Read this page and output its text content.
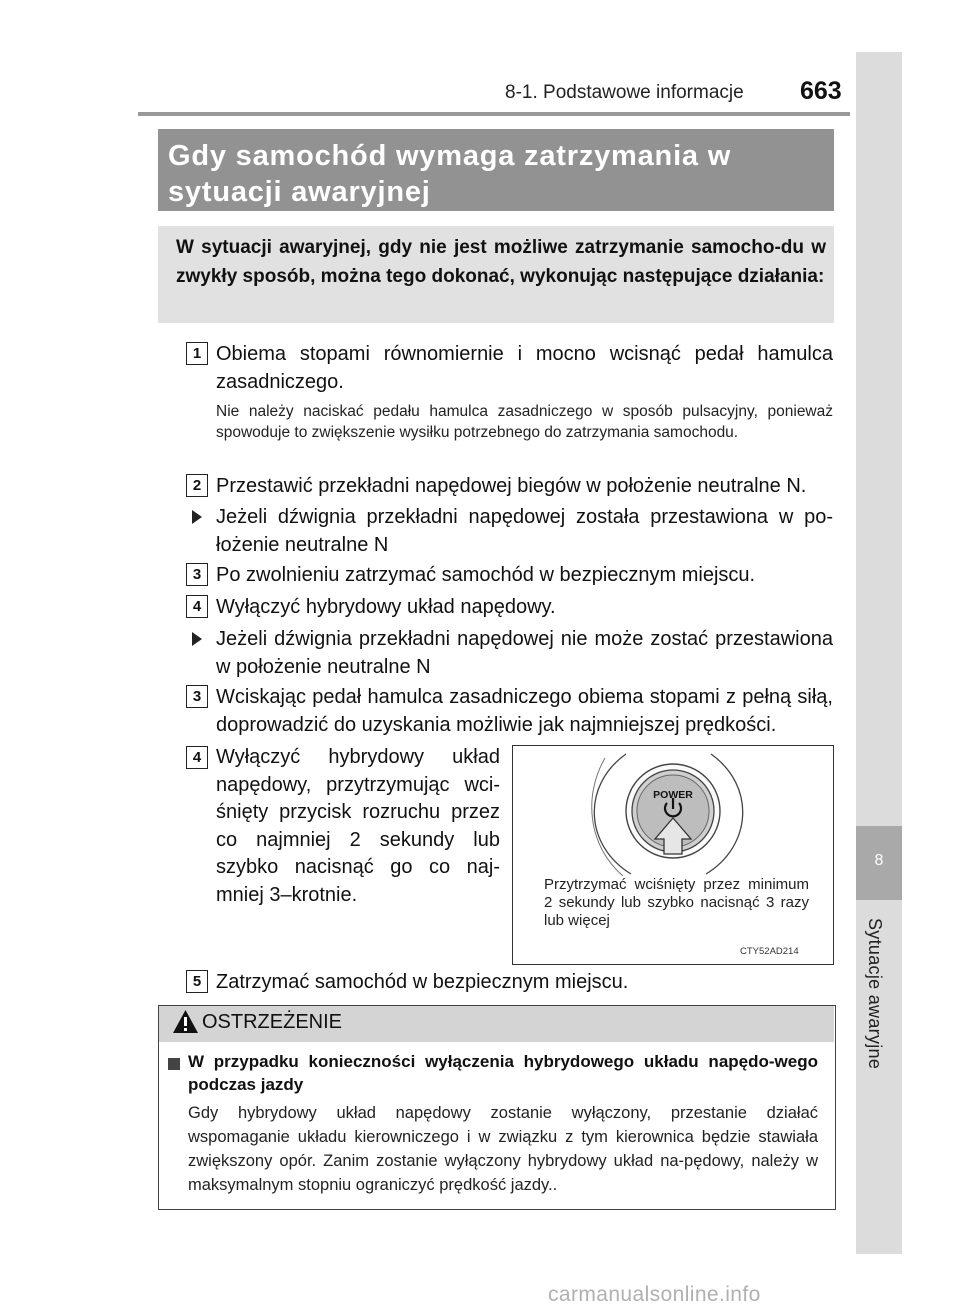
8-1. Podstawowe informacje 663
8
Sytuacje awaryjne
Gdy samochód wymaga zatrzymania w sytuacji awaryjnej
W sytuacji awaryjnej, gdy nie jest możliwe zatrzymanie samocho-du w zwykły sposób, można tego dokonać, wykonując następujące działania:
1 Obiema stopami równomiernie i mocno wcisnąć pedał hamulca zasadniczego.
Nie należy naciskać pedału hamulca zasadniczego w sposób pulsacyjny, ponieważ spowoduje to zwiększenie wysiłku potrzebnego do zatrzymania samochodu.
2 Przestawić przekładni napędowej biegów w położenie neutralne N.
Jeżeli dźwignia przekładni napędowej została przestawiona w po-łożenie neutralne N
3 Po zwolnieniu zatrzymać samochód w bezpiecznym miejscu.
4 Wyłączyć hybrydowy układ napędowy.
Jeżeli dźwignia przekładni napędowej nie może zostać przestawiona w położenie neutralne N
3 Wciskając pedał hamulca zasadniczego obiema stopami z pełną siłą, doprowadzić do uzyskania możliwie jak najmniejszej prędkości.
4 Wyłączyć hybrydowy układ napędowy, przytrzymując wci-śnięty przycisk rozruchu przez co najmniej 2 sekundy lub szybko nacisnąć go co naj-mniej 3–krotnie.
POWER
Przytrzymać wciśnięty przez minimum 2 sekundy lub szybko nacisnąć 3 razy lub więcej
CTY52AD214
5 Zatrzymać samochód w bezpiecznym miejscu.
OSTRZEŻENIE
W przypadku konieczności wyłączenia hybrydowego układu napędo-wego podczas jazdy
Gdy hybrydowy układ napędowy zostanie wyłączony, przestanie działać wspomaganie układu kierowniczego i w związku z tym kierownica będzie stawiała zwiększony opór. Zanim zostanie wyłączony hybrydowy układ na-pędowy, należy w maksymalnym stopniu ograniczyć prędkość jazdy..
carmanualsonline.info
